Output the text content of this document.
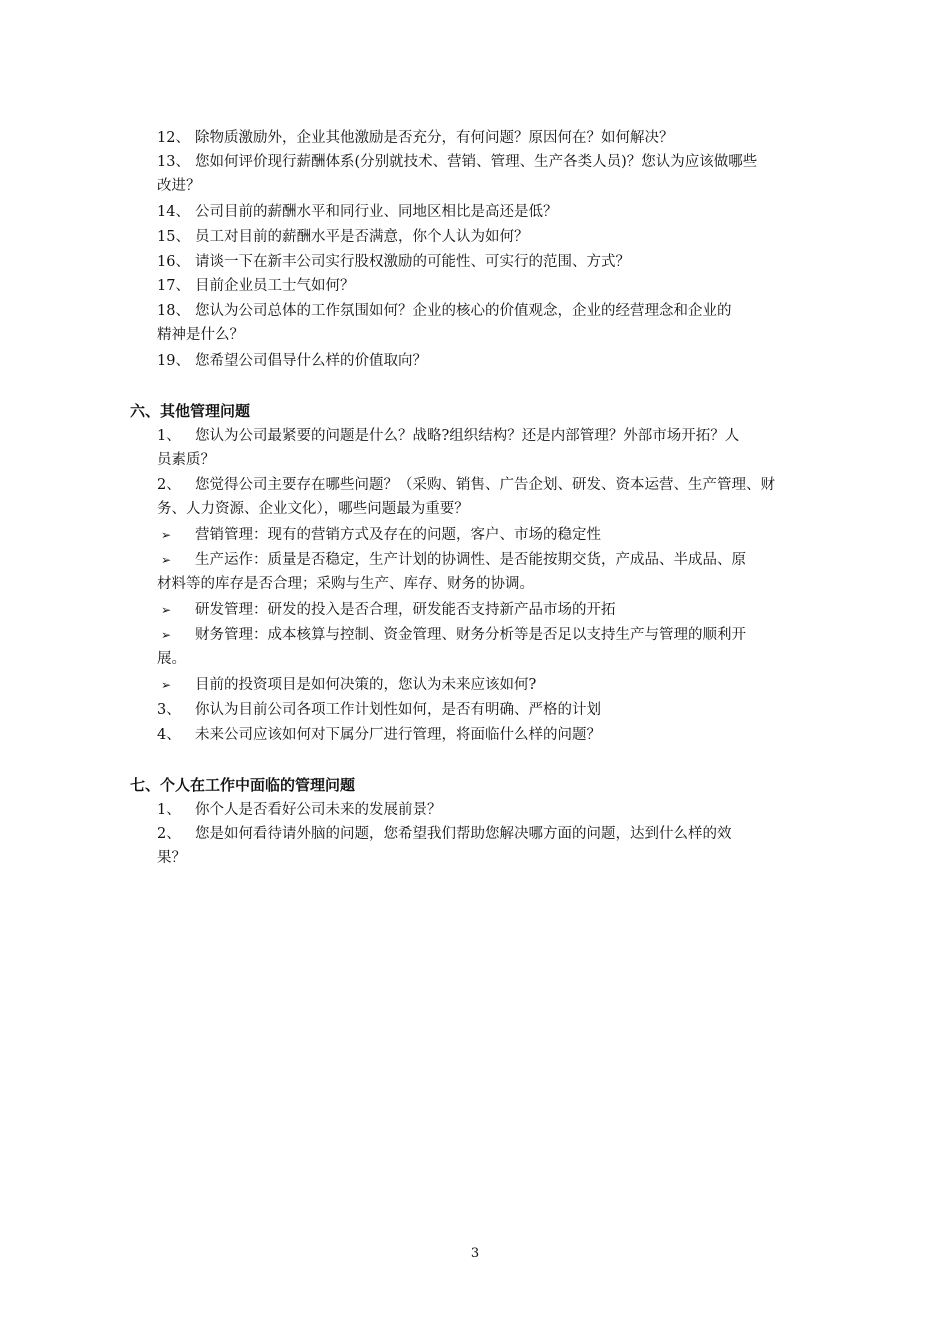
12、 除物质激励外，企业其他激励是否充分，有何问题？原因何在？如何解决？
13、 您如何评价现行薪酬体系(分别就技术、营销、管理、生产各类人员)？您认为应该做哪些
改进？
14、 公司目前的薪酬水平和同行业、同地区相比是高还是低？
15、 员工对目前的薪酬水平是否满意，你个人认为如何？
16、 请谈一下在新丰公司实行股权激励的可能性、可实行的范围、方式？
17、 目前企业员工士气如何？
18、 您认为公司总体的工作氛围如何？企业的核心的价值观念，企业的经营理念和企业的
精神是什么？
19、 您希望公司倡导什么样的价值取向？
六、其他管理问题
1、 您认为公司最紧要的问题是什么？战略?组织结构？还是内部管理？外部市场开拓？人
员素质？
2、 您觉得公司主要存在哪些问题？（采购、销售、广告企划、研发、资本运营、生产管理、财
务、人力资源、企业文化），哪些问题最为重要？
➢ 营销管理：现有的营销方式及存在的问题，客户、市场的稳定性
➢ 生产运作：质量是否稳定，生产计划的协调性、是否能按期交货，产成品、半成品、原
材料等的库存是否合理；采购与生产、库存、财务的协调。
➢ 研发管理：研发的投入是否合理，研发能否支持新产品市场的开拓
➢ 财务管理：成本核算与控制、资金管理、财务分析等是否足以支持生产与管理的顺利开
展。
➢ 目前的投资项目是如何决策的，您认为未来应该如何?
3、 你认为目前公司各项工作计划性如何，是否有明确、严格的计划
4、 未来公司应该如何对下属分厂进行管理，将面临什么样的问题？
七、个人在工作中面临的管理问题
1、 你个人是否看好公司未来的发展前景？
2、 您是如何看待请外脑的问题，您希望我们帮助您解决哪方面的问题，达到什么样的效
果？
3
